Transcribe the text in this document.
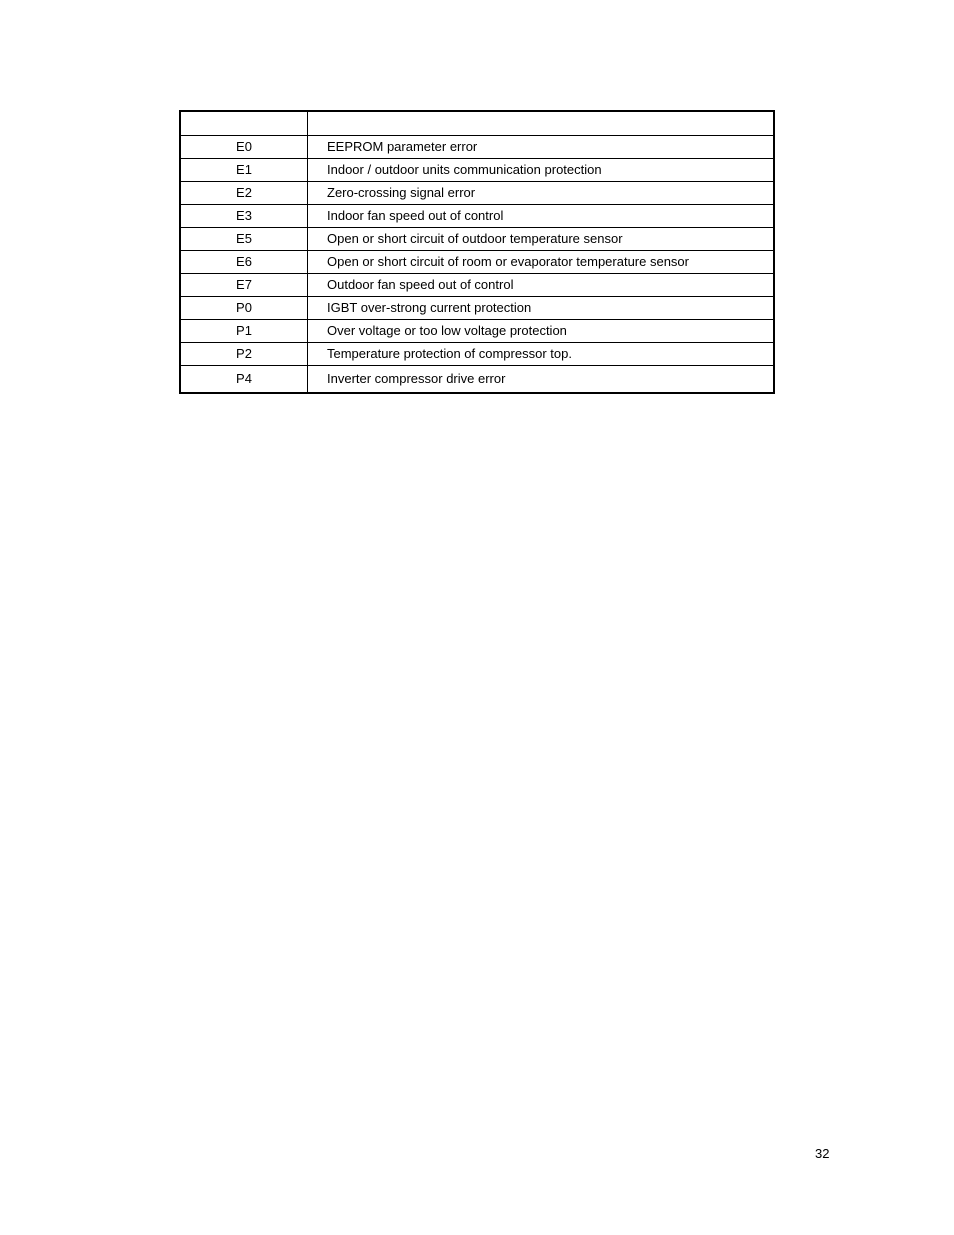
E0	EEPROM parameter error
E1	Indoor / outdoor units communication protection
E2	Zero-crossing signal error
E3	Indoor fan speed out of control
E5	Open or short circuit of outdoor temperature sensor
E6	Open or short circuit of room or evaporator temperature sensor
E7	Outdoor fan speed out of control
P0	IGBT over-strong current protection
P1	Over voltage or too low voltage protection
P2	Temperature protection of compressor top.
P4	Inverter compressor drive error
32
